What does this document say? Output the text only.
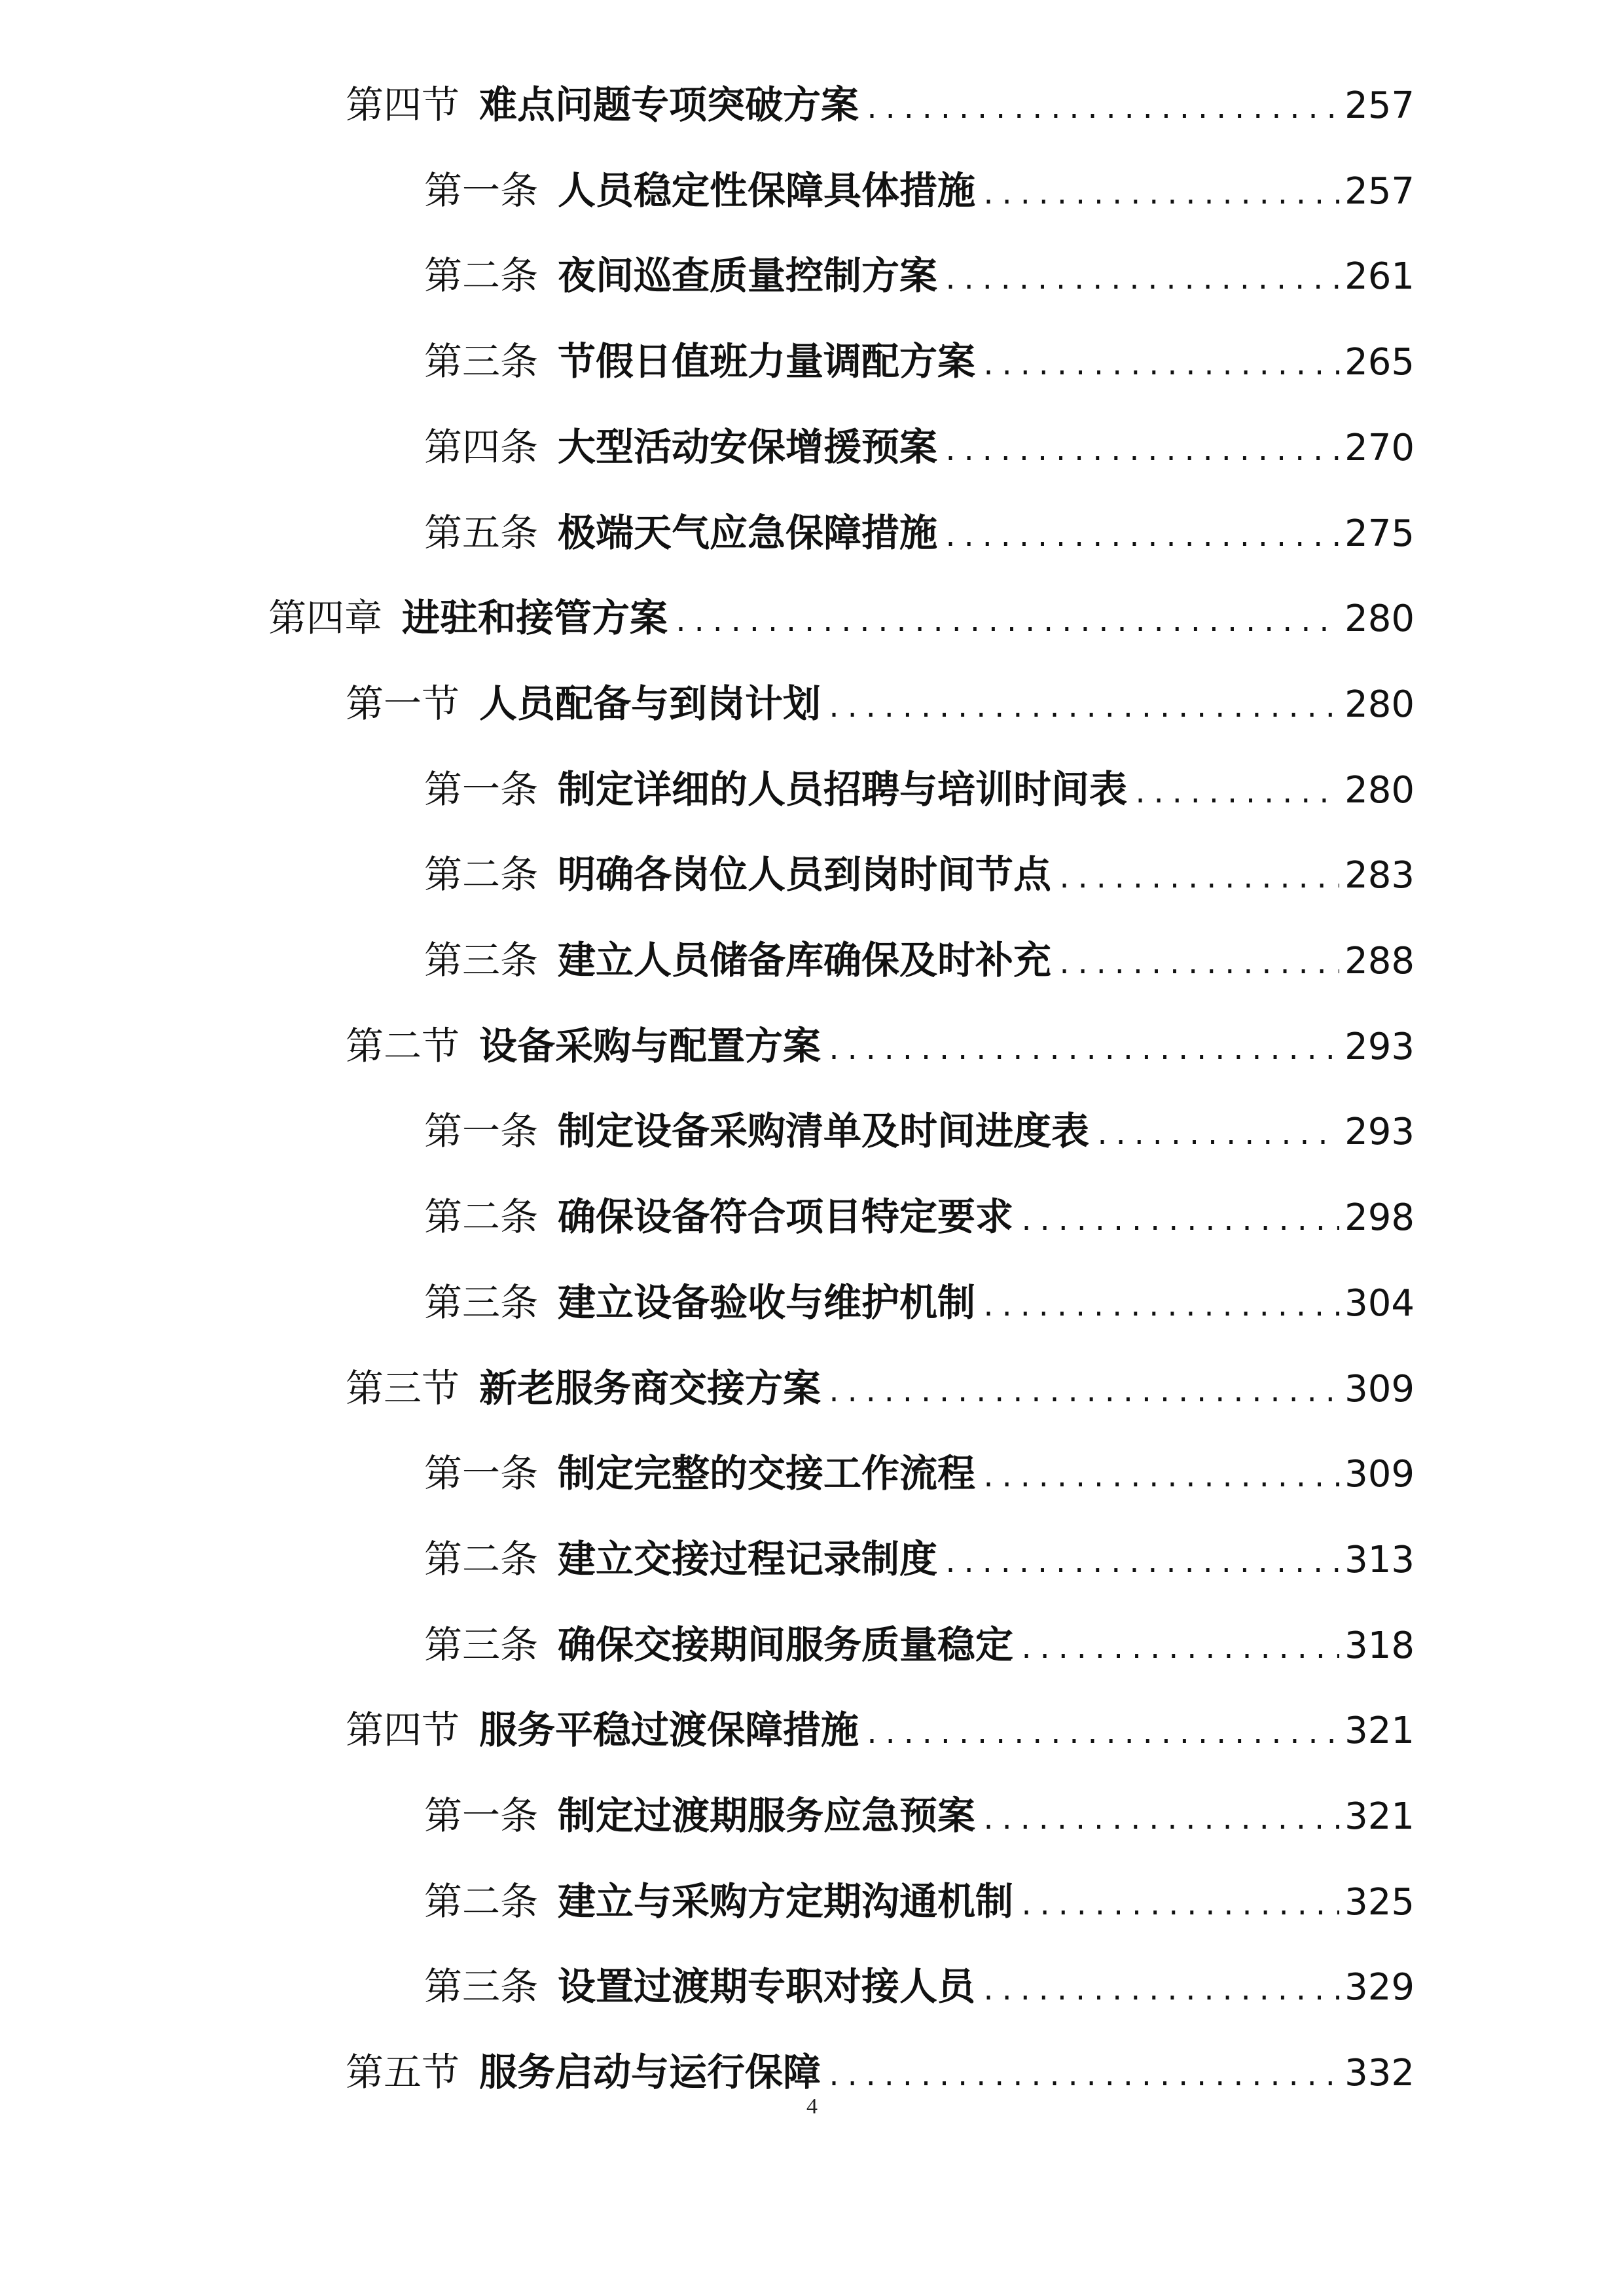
第四节 难点问题专项突破方案 .....	257
第一条 人员稳定性保障具体措施 .....	257
第二条 夜间巡查质量控制方案 .....	261
第三条 节假日值班力量调配方案 .....	265
第四条 大型活动安保增援预案 .....	270
第五条 极端天气应急保障措施 .....	275
第四章 进驻和接管方案 .....	280
第一节 人员配备与到岗计划 .....	280
第一条 制定详细的人员招聘与培训时间表 .....	280
第二条 明确各岗位人员到岗时间节点 .....	283
第三条 建立人员储备库确保及时补充 .....	288
第二节 设备采购与配置方案 .....	293
第一条 制定设备采购清单及时间进度表 .....	293
第二条 确保设备符合项目特定要求 .....	298
第三条 建立设备验收与维护机制 .....	304
第三节 新老服务商交接方案 .....	309
第一条 制定完整的交接工作流程 .....	309
第二条 建立交接过程记录制度 .....	313
第三条 确保交接期间服务质量稳定 .....	318
第四节 服务平稳过渡保障措施 .....	321
第一条 制定过渡期服务应急预案 .....	321
第二条 建立与采购方定期沟通机制 .....	325
第三条 设置过渡期专职对接人员 .....	329
第五节 服务启动与运行保障 .....	332
4
